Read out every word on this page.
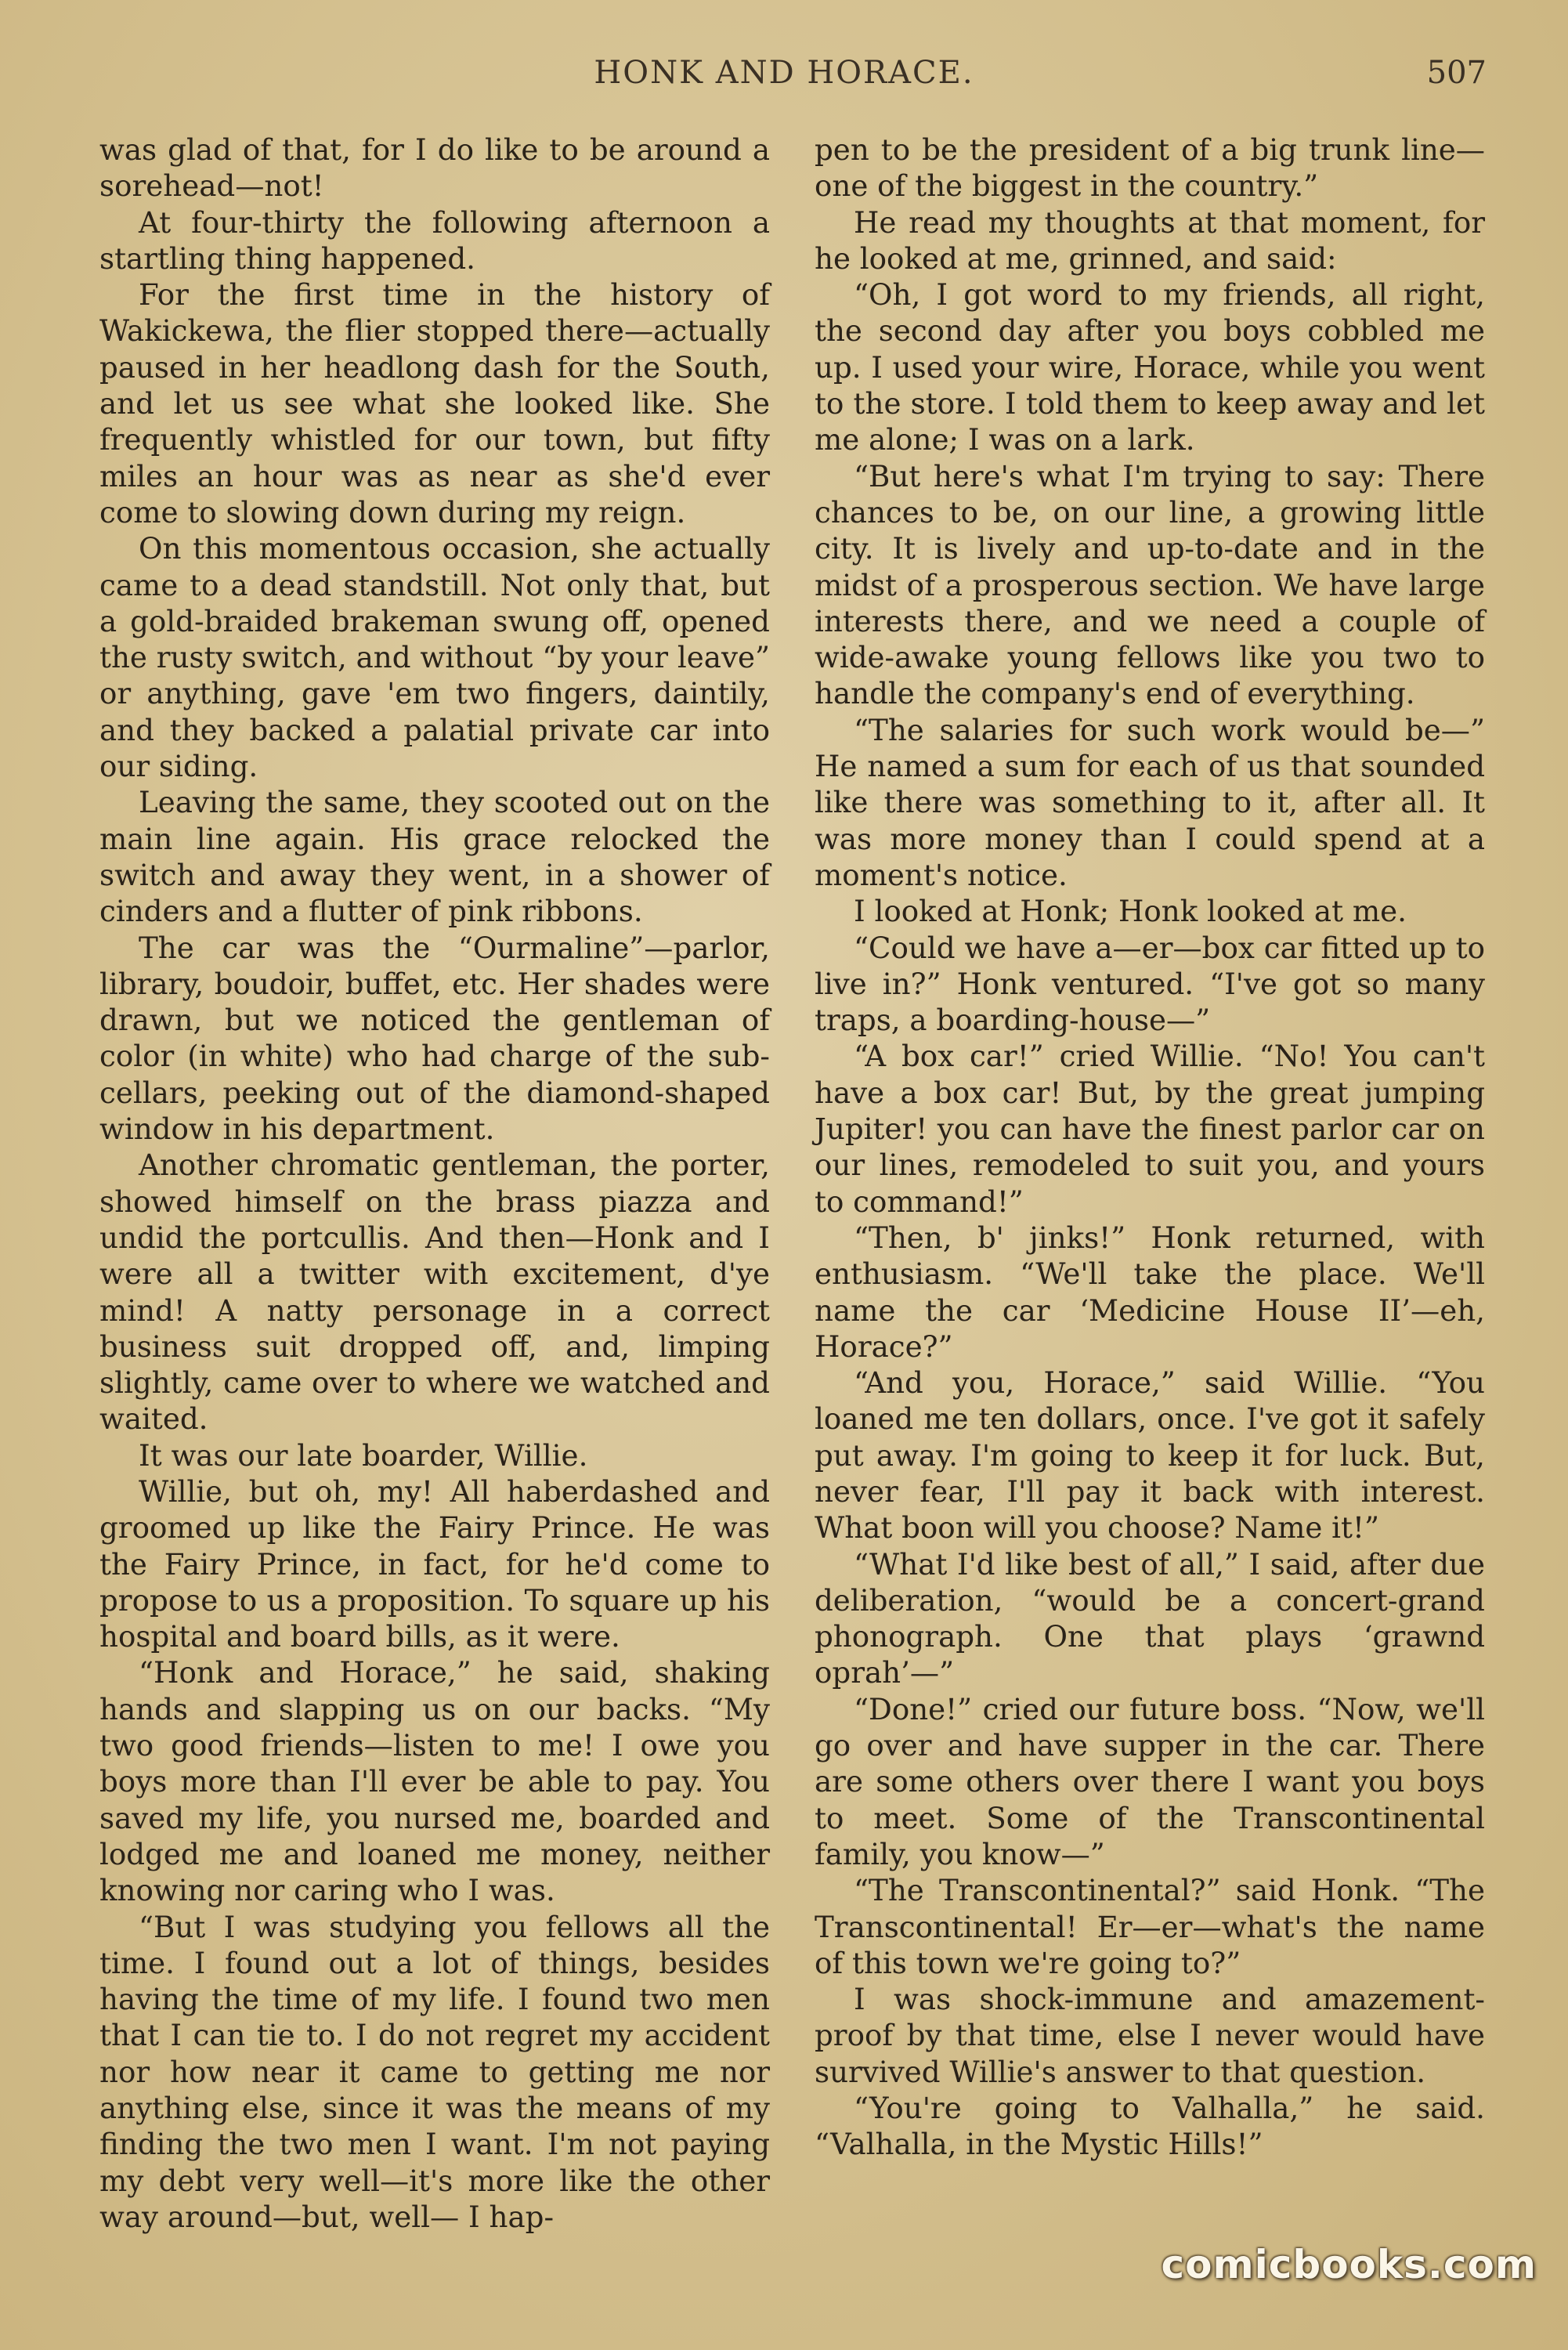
HONK AND HORACE.	507

was glad of that, for I do like to be around a sorehead—not!

At four-thirty the following afternoon a startling thing happened.

For the first time in the history of Wakickewa, the flier stopped there—actually paused in her headlong dash for the South, and let us see what she looked like. She frequently whistled for our town, but fifty miles an hour was as near as she'd ever come to slowing down during my reign.

On this momentous occasion, she actually came to a dead standstill. Not only that, but a gold-braided brakeman swung off, opened the rusty switch, and without “by your leave” or anything, gave 'em two fingers, daintily, and they backed a palatial private car into our siding.

Leaving the same, they scooted out on the main line again. His grace relocked the switch and away they went, in a shower of cinders and a flutter of pink ribbons.

The car was the “Ourmaline”—parlor, library, boudoir, buffet, etc. Her shades were drawn, but we noticed the gentleman of color (in white) who had charge of the sub-cellars, peeking out of the diamond-shaped window in his department.

Another chromatic gentleman, the porter, showed himself on the brass piazza and undid the portcullis. And then—Honk and I were all a twitter with excitement, d'ye mind! A natty personage in a correct business suit dropped off, and, limping slightly, came over to where we watched and waited.

It was our late boarder, Willie.

Willie, but oh, my! All haberdashed and groomed up like the Fairy Prince. He was the Fairy Prince, in fact, for he'd come to propose to us a proposition. To square up his hospital and board bills, as it were.

“Honk and Horace,” he said, shaking hands and slapping us on our backs. “My two good friends—listen to me! I owe you boys more than I'll ever be able to pay. You saved my life, you nursed me, boarded and lodged me and loaned me money, neither knowing nor caring who I was.

“But I was studying you fellows all the time. I found out a lot of things, besides having the time of my life. I found two men that I can tie to. I do not regret my accident nor how near it came to getting me nor anything else, since it was the means of my finding the two men I want. I'm not paying my debt very well—it's more like the other way around—but, well— I hap-

pen to be the president of a big trunk line—one of the biggest in the country.”

He read my thoughts at that moment, for he looked at me, grinned, and said:

“Oh, I got word to my friends, all right, the second day after you boys cobbled me up. I used your wire, Horace, while you went to the store. I told them to keep away and let me alone; I was on a lark.

“But here's what I'm trying to say: There chances to be, on our line, a growing little city. It is lively and up-to-date and in the midst of a prosperous section. We have large interests there, and we need a couple of wide-awake young fellows like you two to handle the company's end of everything.

“The salaries for such work would be—” He named a sum for each of us that sounded like there was something to it, after all. It was more money than I could spend at a moment's notice.

I looked at Honk; Honk looked at me.

“Could we have a—er—box car fitted up to live in?” Honk ventured. “I've got so many traps, a boarding-house—”

“A box car!” cried Willie. “No! You can't have a box car! But, by the great jumping Jupiter! you can have the finest parlor car on our lines, remodeled to suit you, and yours to command!”

“Then, b' jinks!” Honk returned, with enthusiasm. “We'll take the place. We'll name the car ‘Medicine House II’—eh, Horace?”

“And you, Horace,” said Willie. “You loaned me ten dollars, once. I've got it safely put away. I'm going to keep it for luck. But, never fear, I'll pay it back with interest. What boon will you choose? Name it!”

“What I'd like best of all,” I said, after due deliberation, “would be a concert-grand phonograph. One that plays ‘grawnd oprah’—”

“Done!” cried our future boss. “Now, we'll go over and have supper in the car. There are some others over there I want you boys to meet. Some of the Transcontinental family, you know—”

“The Transcontinental?” said Honk. “The Transcontinental! Er—er—what's the name of this town we're going to?”

I was shock-immune and amazement-proof by that time, else I never would have survived Willie's answer to that question.

“You're going to Valhalla,” he said. “Valhalla, in the Mystic Hills!”

comicbooks.com
